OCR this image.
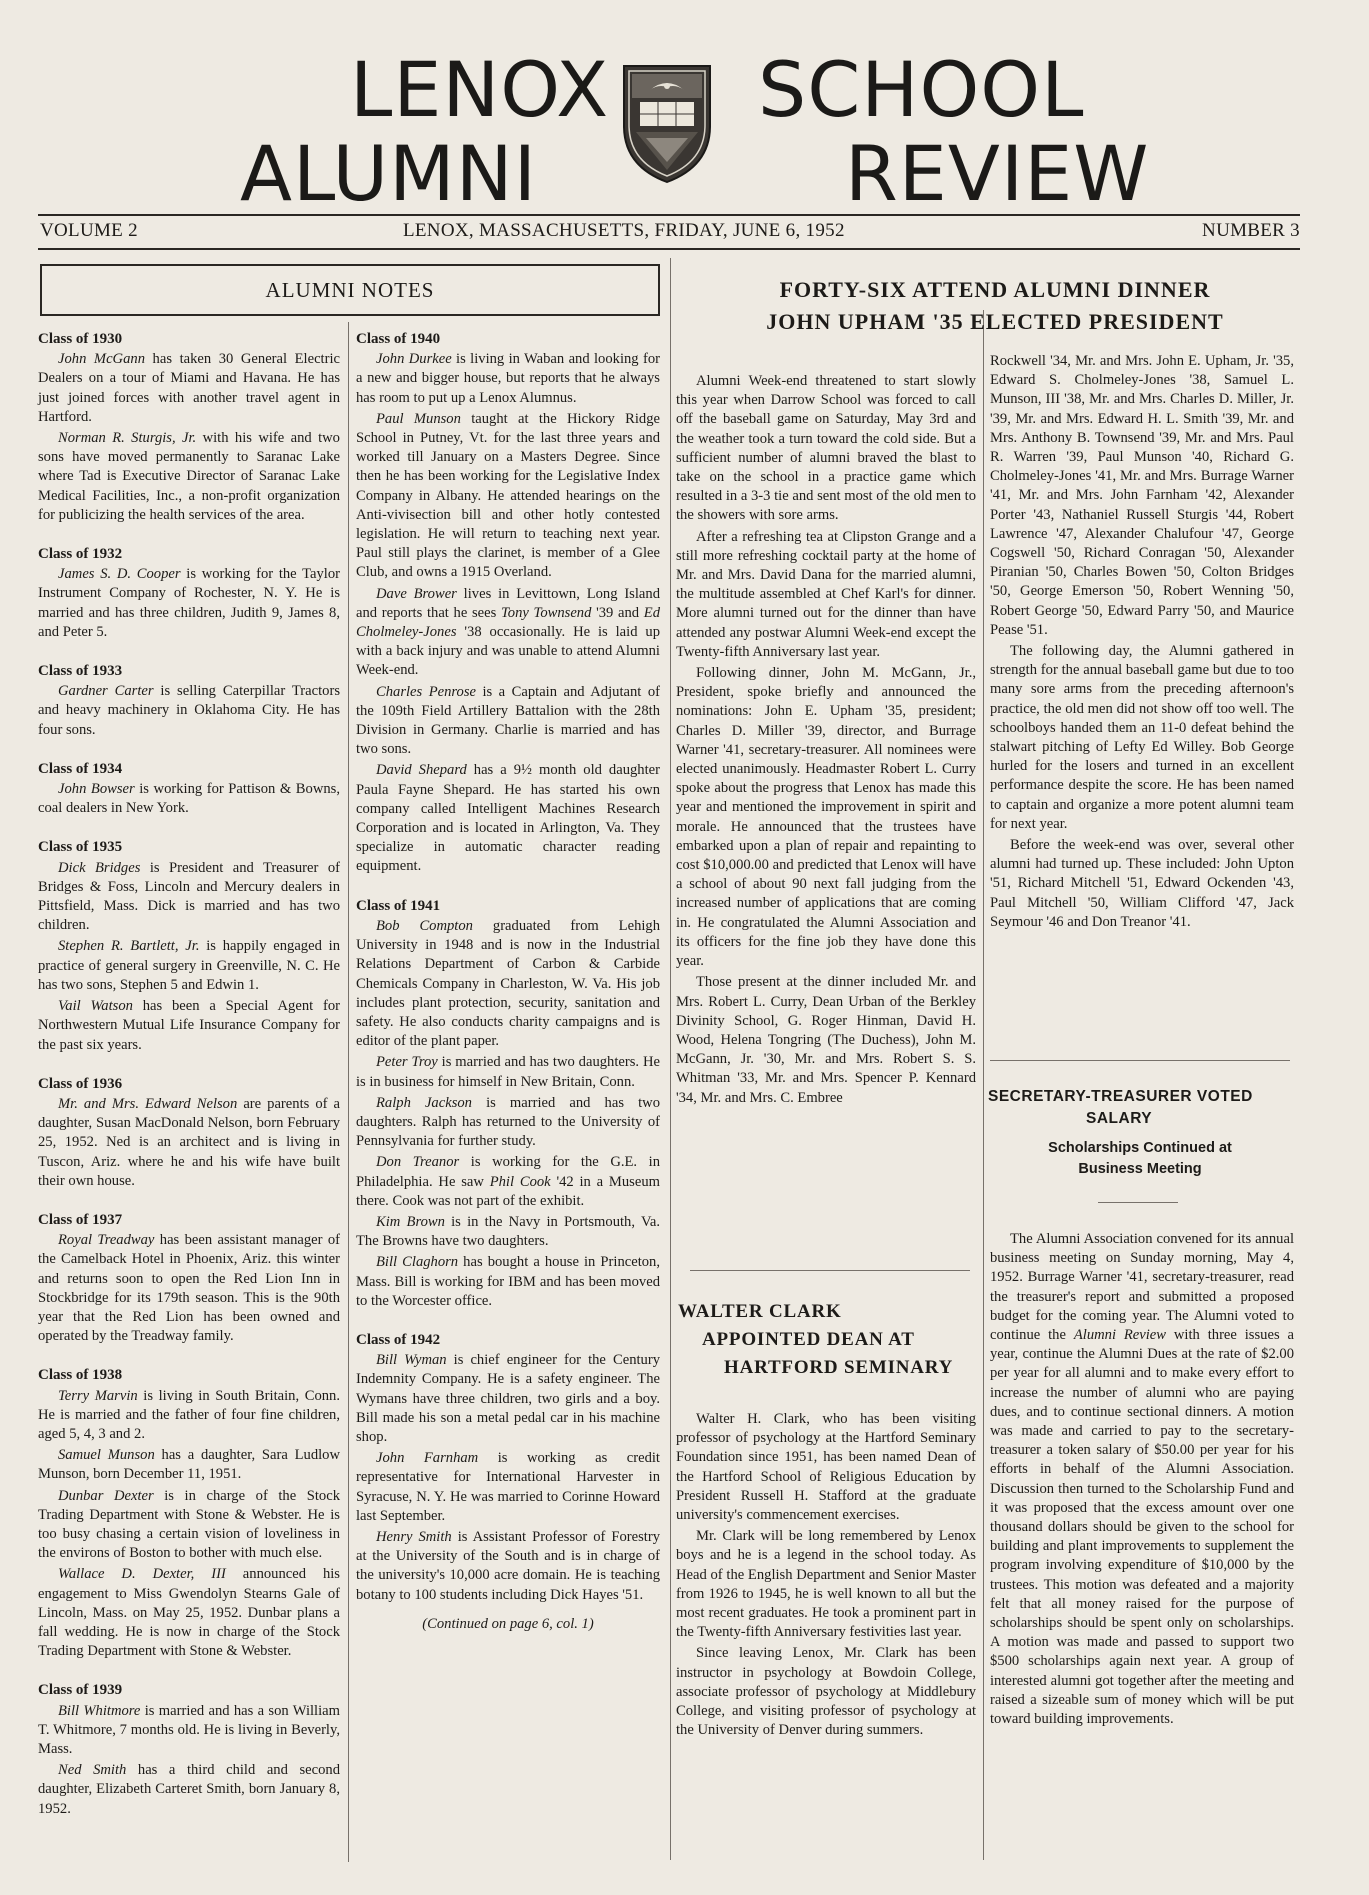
LENOX SCHOOL
ALUMNI	REVIEW
VOLUME 2	LENOX, MASSACHUSETTS, FRIDAY, JUNE 6, 1952	NUMBER 3
ALUMNI NOTES
Class of 1930

John McGann has taken 30 General Electric Dealers on a tour of Miami and Havana. He has just joined forces with another travel agent in Hartford.

Norman R. Sturgis, Jr. with his wife and two sons have moved permanently to Saranac Lake where Tad is Executive Director of Saranac Lake Medical Facilities, Inc., a non-profit organization for publicizing the health services of the area.

Class of 1932

James S. D. Cooper is working for the Taylor Instrument Company of Rochester, N. Y. He is married and has three children, Judith 9, James 8, and Peter 5.

Class of 1933

Gardner Carter is selling Caterpillar Tractors and heavy machinery in Oklahoma City. He has four sons.

Class of 1934

John Bowser is working for Pattison & Bowns, coal dealers in New York.

Class of 1935

Dick Bridges is President and Treasurer of Bridges & Foss, Lincoln and Mercury dealers in Pittsfield, Mass. Dick is married and has two children.

Stephen R. Bartlett, Jr. is happily engaged in practice of general surgery in Greenville, N. C. He has two sons, Stephen 5 and Edwin 1.

Vail Watson has been a Special Agent for Northwestern Mutual Life Insurance Company for the past six years.

Class of 1936

Mr. and Mrs. Edward Nelson are parents of a daughter, Susan MacDonald Nelson, born February 25, 1952. Ned is an architect and is living in Tuscon, Ariz. where he and his wife have built their own house.

Class of 1937

Royal Treadway has been assistant manager of the Camelback Hotel in Phoenix, Ariz. this winter and returns soon to open the Red Lion Inn in Stockbridge for its 179th season. This is the 90th year that the Red Lion has been owned and operated by the Treadway family.

Class of 1938

Terry Marvin is living in South Britain, Conn. He is married and the father of four fine children, aged 5, 4, 3 and 2.

Samuel Munson has a daughter, Sara Ludlow Munson, born December 11, 1951.

Dunbar Dexter is in charge of the Stock Trading Department with Stone & Webster. He is too busy chasing a certain vision of loveliness in the environs of Boston to bother with much else.

Wallace D. Dexter, III announced his engagement to Miss Gwendolyn Stearns Gale of Lincoln, Mass. on May 25, 1952. Dunbar plans a fall wedding. He is now in charge of the Stock Trading Department with Stone & Webster.

Class of 1939

Bill Whitmore is married and has a son William T. Whitmore, 7 months old. He is living in Beverly, Mass.

Ned Smith has a third child and second daughter, Elizabeth Carteret Smith, born January 8, 1952.

Class of 1940

John Durkee is living in Waban and looking for a new and bigger house, but reports that he always has room to put up a Lenox Alumnus.

Paul Munson taught at the Hickory Ridge School in Putney, Vt. for the last three years and worked till January on a Masters Degree. Since then he has been working for the Legislative Index Company in Albany. He attended hearings on the Anti-vivisection bill and other hotly contested legislation. He will return to teaching next year. Paul still plays the clarinet, is member of a Glee Club, and owns a 1915 Overland.

Dave Brower lives in Levittown, Long Island and reports that he sees Tony Townsend '39 and Ed Cholmeley-Jones '38 occasionally. He is laid up with a back injury and was unable to attend Alumni Week-end.

Charles Penrose is a Captain and Adjutant of the 109th Field Artillery Battalion with the 28th Division in Germany. Charlie is married and has two sons.

David Shepard has a 9½ month old daughter Paula Fayne Shepard. He has started his own company called Intelligent Machines Research Corporation and is located in Arlington, Va. They specialize in automatic character reading equipment.

Class of 1941

Bob Compton graduated from Lehigh University in 1948 and is now in the Industrial Relations Department of Carbon & Carbide Chemicals Company in Charleston, W. Va. His job includes plant protection, security, sanitation and safety. He also conducts charity campaigns and is editor of the plant paper.

Peter Troy is married and has two daughters. He is in business for himself in New Britain, Conn.

Ralph Jackson is married and has two daughters. Ralph has returned to the University of Pennsylvania for further study.

Don Treanor is working for the G.E. in Philadelphia. He saw Phil Cook '42 in a Museum there. Cook was not part of the exhibit.

Kim Brown is in the Navy in Portsmouth, Va. The Browns have two daughters.

Bill Claghorn has bought a house in Princeton, Mass. Bill is working for IBM and has been moved to the Worcester office.

Class of 1942

Bill Wyman is chief engineer for the Century Indemnity Company. He is a safety engineer. The Wymans have three children, two girls and a boy. Bill made his son a metal pedal car in his machine shop.

John Farnham is working as credit representative for International Harvester in Syracuse, N. Y. He was married to Corinne Howard last September.

Henry Smith is Assistant Professor of Forestry at the University of the South and is in charge of the university's 10,000 acre domain. He is teaching botany to 100 students including Dick Hayes '51.

(Continued on page 6, col. 1)
FORTY-SIX ATTEND ALUMNI DINNER
JOHN UPHAM '35 ELECTED PRESIDENT

Alumni Week-end threatened to start slowly this year when Darrow School was forced to call off the baseball game on Saturday, May 3rd and the weather took a turn toward the cold side. But a sufficient number of alumni braved the blast to take on the school in a practice game which resulted in a 3-3 tie and sent most of the old men to the showers with sore arms.

After a refreshing tea at Clipston Grange and a still more refreshing cocktail party at the home of Mr. and Mrs. David Dana for the married alumni, the multitude assembled at Chef Karl's for dinner. More alumni turned out for the dinner than have attended any postwar Alumni Week-end except the Twenty-fifth Anniversary last year.

Following dinner, John M. McGann, Jr., President, spoke briefly and announced the nominations: John E. Upham '35, president; Charles D. Miller '39, director, and Burrage Warner '41, secretary-treasurer. All nominees were elected unanimously. Headmaster Robert L. Curry spoke about the progress that Lenox has made this year and mentioned the improvement in spirit and morale. He announced that the trustees have embarked upon a plan of repair and repainting to cost $10,000.00 and predicted that Lenox will have a school of about 90 next fall judging from the increased number of applications that are coming in. He congratulated the Alumni Association and its officers for the fine job they have done this year.

Those present at the dinner included Mr. and Mrs. Robert L. Curry, Dean Urban of the Berkley Divinity School, G. Roger Hinman, David H. Wood, Helena Tongring (The Duchess), John M. McGann, Jr. '30, Mr. and Mrs. Robert S. S. Whitman '33, Mr. and Mrs. Spencer P. Kennard '34, Mr. and Mrs. C. Embree

WALTER CLARK
APPOINTED DEAN AT
HARTFORD SEMINARY

Walter H. Clark, who has been visiting professor of psychology at the Hartford Seminary Foundation since 1951, has been named Dean of the Hartford School of Religious Education by President Russell H. Stafford at the graduate university's commencement exercises.

Mr. Clark will be long remembered by Lenox boys and he is a legend in the school today. As Head of the English Department and Senior Master from 1926 to 1945, he is well known to all but the most recent graduates. He took a prominent part in the Twenty-fifth Anniversary festivities last year.

Since leaving Lenox, Mr. Clark has been instructor in psychology at Bowdoin College, associate professor of psychology at Middlebury College, and visiting professor of psychology at the University of Denver during summers.

Rockwell '34, Mr. and Mrs. John E. Upham, Jr. '35, Edward S. Cholmeley-Jones '38, Samuel L. Munson, III '38, Mr. and Mrs. Charles D. Miller, Jr. '39, Mr. and Mrs. Edward H. L. Smith '39, Mr. and Mrs. Anthony B. Townsend '39, Mr. and Mrs. Paul R. Warren '39, Paul Munson '40, Richard G. Cholmeley-Jones '41, Mr. and Mrs. Burrage Warner '41, Mr. and Mrs. John Farnham '42, Alexander Porter '43, Nathaniel Russell Sturgis '44, Robert Lawrence '47, Alexander Chalufour '47, George Cogswell '50, Richard Conragan '50, Alexander Piranian '50, Charles Bowen '50, Colton Bridges '50, George Emerson '50, Robert Wenning '50, Robert George '50, Edward Parry '50, and Maurice Pease '51.

The following day, the Alumni gathered in strength for the annual baseball game but due to too many sore arms from the preceding afternoon's practice, the old men did not show off too well. The schoolboys handed them an 11-0 defeat behind the stalwart pitching of Lefty Ed Willey. Bob George hurled for the losers and turned in an excellent performance despite the score. He has been named to captain and organize a more potent alumni team for next year.

Before the week-end was over, several other alumni had turned up. These included: John Upton '51, Richard Mitchell '51, Edward Ockenden '43, Paul Mitchell '50, William Clifford '47, Jack Seymour '46 and Don Treanor '41.

SECRETARY-TREASURER VOTED
SALARY
Scholarships Continued at
Business Meeting

The Alumni Association convened for its annual business meeting on Sunday morning, May 4, 1952. Burrage Warner '41, secretary-treasurer, read the treasurer's report and submitted a proposed budget for the coming year. The Alumni voted to continue the Alumni Review with three issues a year, continue the Alumni Dues at the rate of $2.00 per year for all alumni and to make every effort to increase the number of alumni who are paying dues, and to continue sectional dinners. A motion was made and carried to pay to the secretary-treasurer a token salary of $50.00 per year for his efforts in behalf of the Alumni Association. Discussion then turned to the Scholarship Fund and it was proposed that the excess amount over one thousand dollars should be given to the school for building and plant improvements to supplement the program involving expenditure of $10,000 by the trustees. This motion was defeated and a majority felt that all money raised for the purpose of scholarships should be spent only on scholarships. A motion was made and passed to support two $500 scholarships again next year. A group of interested alumni got together after the meeting and raised a sizeable sum of money which will be put toward building improvements.
